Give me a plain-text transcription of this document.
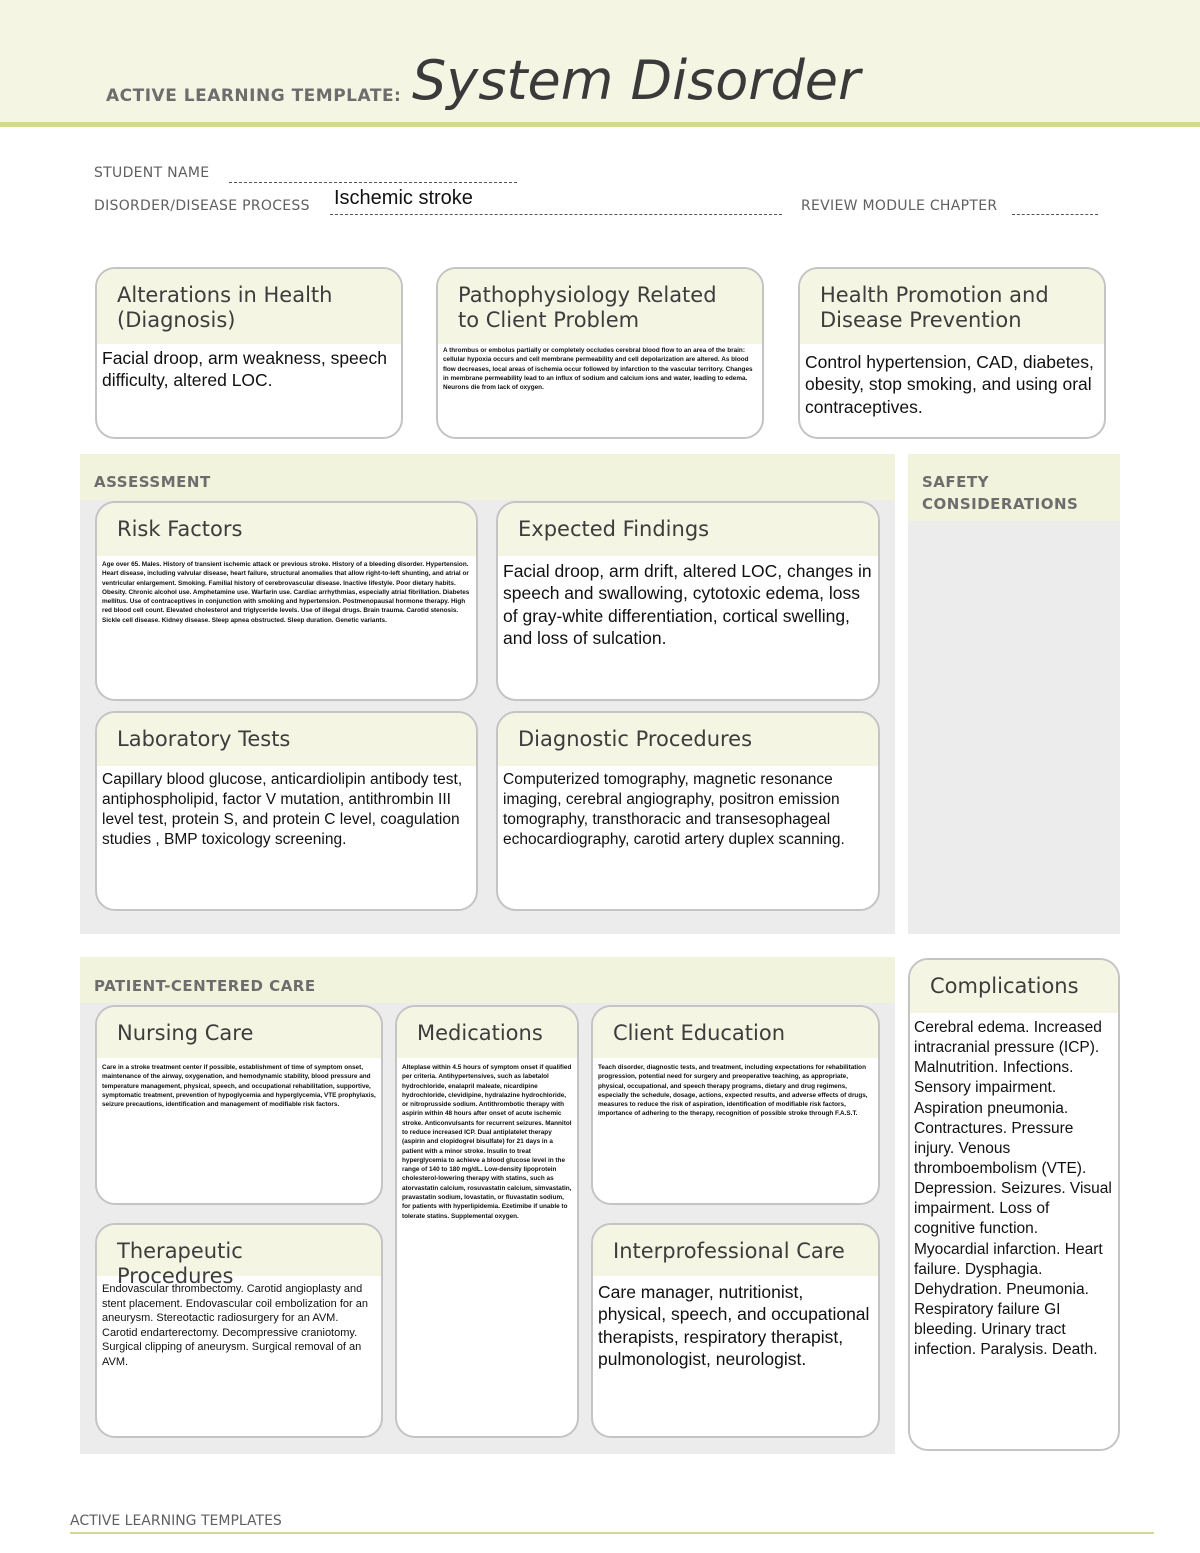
ACTIVE LEARNING TEMPLATE: System Disorder
STUDENT NAME
DISORDER/DISEASE PROCESS Ischemic stroke	REVIEW MODULE CHAPTER
Alterations in Health (Diagnosis)
Facial droop, arm weakness, speech difficulty, altered LOC.
Pathophysiology Related to Client Problem
A thrombus or embolus partially or completely occludes cerebral blood flow to an area of the brain: cellular hypoxia occurs and cell membrane permeability and cell depolarization are altered. As blood flow decreases, local areas of ischemia occur followed by infarction to the vascular territory. Changes in membrane permeability lead to an influx of sodium and calcium ions and water, leading to edema. Neurons die from lack of oxygen.
Health Promotion and Disease Prevention
Control hypertension, CAD, diabetes, obesity, stop smoking, and using oral contraceptives.
ASSESSMENT
Risk Factors
Age over 65. Males. History of transient ischemic attack or previous stroke. History of a bleeding disorder. Hypertension. Heart disease, including valvular disease, heart failure, structural anomalies that allow right-to-left shunting, and atrial or ventricular enlargement. Smoking. Familial history of cerebrovascular disease. Inactive lifestyle. Poor dietary habits. Obesity. Chronic alcohol use. Amphetamine use. Warfarin use. Cardiac arrhythmias, especially atrial fibrillation. Diabetes mellitus. Use of contraceptives in conjunction with smoking and hypertension. Postmenopausal hormone therapy. High red blood cell count. Elevated cholesterol and triglyceride levels. Use of illegal drugs. Brain trauma. Carotid stenosis. Sickle cell disease. Kidney disease. Sleep apnea obstructed. Sleep duration. Genetic variants.
Expected Findings
Facial droop, arm drift, altered LOC, changes in speech and swallowing, cytotoxic edema, loss of gray-white differentiation, cortical swelling, and loss of sulcation.
Laboratory Tests
Capillary blood glucose, anticardiolipin antibody test, antiphospholipid, factor V mutation, antithrombin III level test, protein S, and protein C level, coagulation studies , BMP toxicology screening.
Diagnostic Procedures
Computerized tomography, magnetic resonance imaging, cerebral angiography, positron emission tomography, transthoracic and transesophageal echocardiography, carotid artery duplex scanning.
SAFETY CONSIDERATIONS
PATIENT-CENTERED CARE
Nursing Care
Care in a stroke treatment center if possible, establishment of time of symptom onset, maintenance of the airway, oxygenation, and hemodynamic stability, blood pressure and temperature management, physical, speech, and occupational rehabilitation, supportive, symptomatic treatment, prevention of hypoglycemia and hyperglycemia, VTE prophylaxis, seizure precautions, identification and management of modifiable risk factors.
Medications
Alteplase within 4.5 hours of symptom onset if qualified per criteria. Antihypertensives, such as labetalol hydrochloride, enalapril maleate, nicardipine hydrochloride, clevidipine, hydralazine hydrochloride, or nitroprusside sodium. Antithrombotic therapy with aspirin within 48 hours after onset of acute ischemic stroke. Anticonvulsants for recurrent seizures. Mannitol to reduce increased ICP. Dual antiplatelet therapy (aspirin and clopidogrel bisulfate) for 21 days in a patient with a minor stroke. Insulin to treat hyperglycemia to achieve a blood glucose level in the range of 140 to 180 mg/dL. Low-density lipoprotein cholesterol-lowering therapy with statins, such as atorvastatin calcium, rosuvastatin calcium, simvastatin, pravastatin sodium, lovastatin, or fluvastatin sodium, for patients with hyperlipidemia. Ezetimibe if unable to tolerate statins. Supplemental oxygen.
Client Education
Teach disorder, diagnostic tests, and treatment, including expectations for rehabilitation progression, potential need for surgery and preoperative teaching, as appropriate, physical, occupational, and speech therapy programs, dietary and drug regimens, especially the schedule, dosage, actions, expected results, and adverse effects of drugs, measures to reduce the risk of aspiration, identification of modifiable risk factors, importance of adhering to the therapy, recognition of possible stroke through F.A.S.T.
Therapeutic Procedures
Endovascular thrombectomy. Carotid angioplasty and stent placement. Endovascular coil embolization for an aneurysm. Stereotactic radiosurgery for an AVM. Carotid endarterectomy. Decompressive craniotomy. Surgical clipping of aneurysm. Surgical removal of an AVM.
Interprofessional Care
Care manager, nutritionist, physical, speech, and occupational therapists, respiratory therapist, pulmonologist, neurologist.
Complications
Cerebral edema. Increased intracranial pressure (ICP). Malnutrition. Infections. Sensory impairment. Aspiration pneumonia. Contractures. Pressure injury. Venous thromboembolism (VTE). Depression. Seizures. Visual impairment. Loss of cognitive function. Myocardial infarction. Heart failure. Dysphagia. Dehydration. Pneumonia. Respiratory failure GI bleeding. Urinary tract infection. Paralysis. Death.
ACTIVE LEARNING TEMPLATES
